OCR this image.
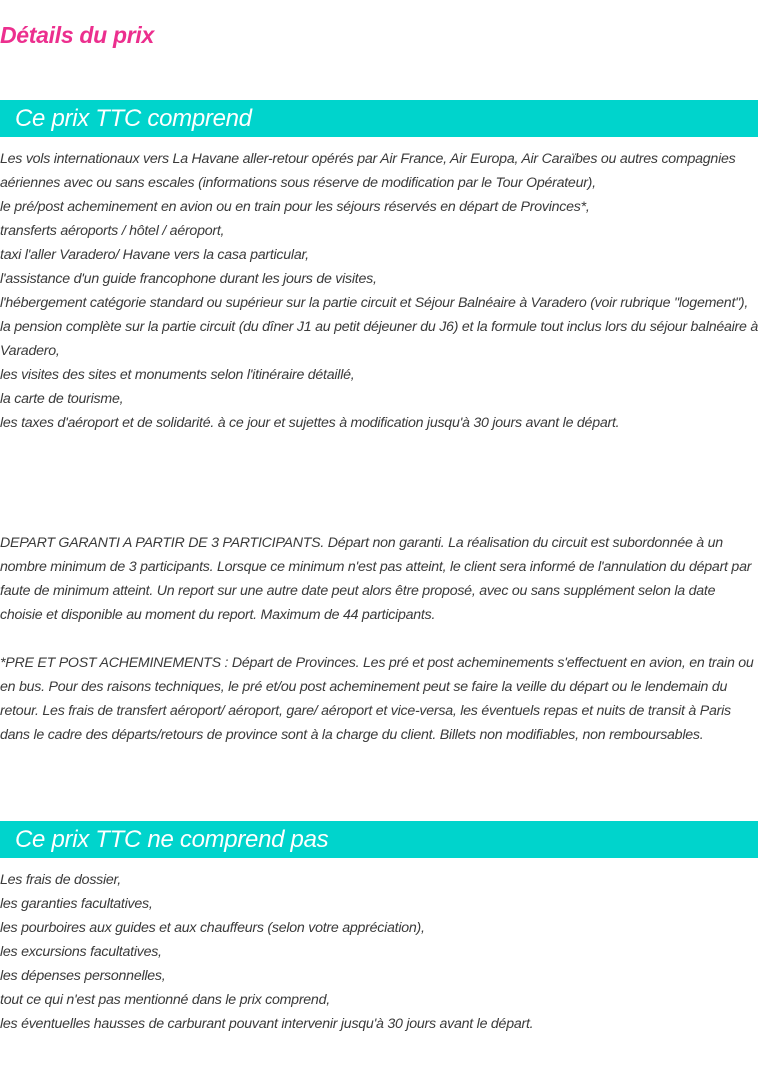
Détails du prix
Ce prix TTC comprend
Les vols internationaux vers La Havane aller-retour opérés par Air France, Air Europa, Air Caraïbes ou autres compagnies aériennes avec ou sans escales (informations sous réserve de modification par le Tour Opérateur),
le pré/post acheminement en avion ou en train pour les séjours réservés en départ de Provinces*,
transferts aéroports / hôtel / aéroport,
taxi l'aller Varadero/ Havane vers la casa particular,
l'assistance d'un guide francophone durant les jours de visites,
l'hébergement catégorie standard ou supérieur sur la partie circuit et Séjour Balnéaire à Varadero (voir rubrique "logement"),
la pension complète sur la partie circuit (du dîner J1 au petit déjeuner du J6) et la formule tout inclus lors du séjour balnéaire à Varadero,
les visites des sites et monuments selon l'itinéraire détaillé,
la carte de tourisme,
les taxes d'aéroport et de solidarité. à ce jour et sujettes à modification jusqu'à 30 jours avant le départ.

DEPART GARANTI A PARTIR DE 3 PARTICIPANTS. Départ non garanti. La réalisation du circuit est subordonnée à un nombre minimum de 3 participants. Lorsque ce minimum n'est pas atteint, le client sera informé de l'annulation du départ par faute de minimum atteint. Un report sur une autre date peut alors être proposé, avec ou sans supplément selon la date choisie et disponible au moment du report. Maximum de 44 participants.

*PRE ET POST ACHEMINEMENTS : Départ de Provinces. Les pré et post acheminements s'effectuent en avion, en train ou en bus. Pour des raisons techniques, le pré et/ou post acheminement peut se faire la veille du départ ou le lendemain du retour. Les frais de transfert aéroport/ aéroport, gare/ aéroport et vice-versa, les éventuels repas et nuits de transit à Paris dans le cadre des départs/retours de province sont à la charge du client. Billets non modifiables, non remboursables.

Ce prix TTC ne comprend pas
Les frais de dossier,
les garanties facultatives,
les pourboires aux guides et aux chauffeurs (selon votre appréciation),
les excursions facultatives,
les dépenses personnelles,
tout ce qui n'est pas mentionné dans le prix comprend,
les éventuelles hausses de carburant pouvant intervenir jusqu'à 30 jours avant le départ.
